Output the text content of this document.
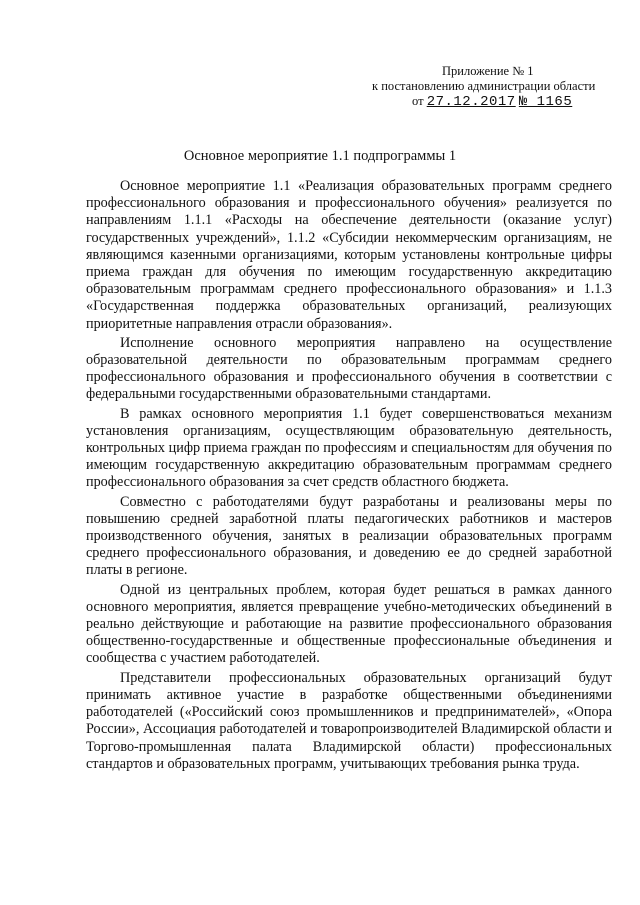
Приложение № 1
к постановлению администрации области
от 27.12.2017 № 1165
Основное мероприятие 1.1 подпрограммы 1

Основное мероприятие 1.1 «Реализация образовательных программ среднего профессионального образования и профессионального обучения» реализуется по направлениям 1.1.1 «Расходы на обеспечение деятельности (оказание услуг) государственных учреждений», 1.1.2 «Субсидии некоммерческим организациям, не являющимся казенными организациями, которым установлены контрольные цифры приема граждан для обучения по имеющим государственную аккредитацию образовательным программам среднего профессионального образования» и 1.1.3 «Государственная поддержка образовательных организаций, реализующих приоритетные направления отрасли образования».

Исполнение основного мероприятия направлено на осуществление образовательной деятельности по образовательным программам среднего профессионального образования и профессионального обучения в соответствии с федеральными государственными образовательными стандартами.

В рамках основного мероприятия 1.1 будет совершенствоваться механизм установления организациям, осуществляющим образовательную деятельность, контрольных цифр приема граждан по профессиям и специальностям для обучения по имеющим государственную аккредитацию образовательным программам среднего профессионального образования за счет средств областного бюджета.

Совместно с работодателями будут разработаны и реализованы меры по повышению средней заработной платы педагогических работников и мастеров производственного обучения, занятых в реализации образовательных программ среднего профессионального образования, и доведению ее до средней заработной платы в регионе.

Одной из центральных проблем, которая будет решаться в рамках данного основного мероприятия, является превращение учебно-методических объединений в реально действующие и работающие на развитие профессионального образования общественно-государственные и общественные профессиональные объединения и сообщества с участием работодателей.

Представители профессиональных образовательных организаций будут принимать активное участие в разработке общественными объединениями работодателей («Российский союз промышленников и предпринимателей», «Опора России», Ассоциация работодателей и товаропроизводителей Владимирской области и Торгово-промышленная палата Владимирской области) профессиональных стандартов и образовательных программ, учитывающих требования рынка труда.
